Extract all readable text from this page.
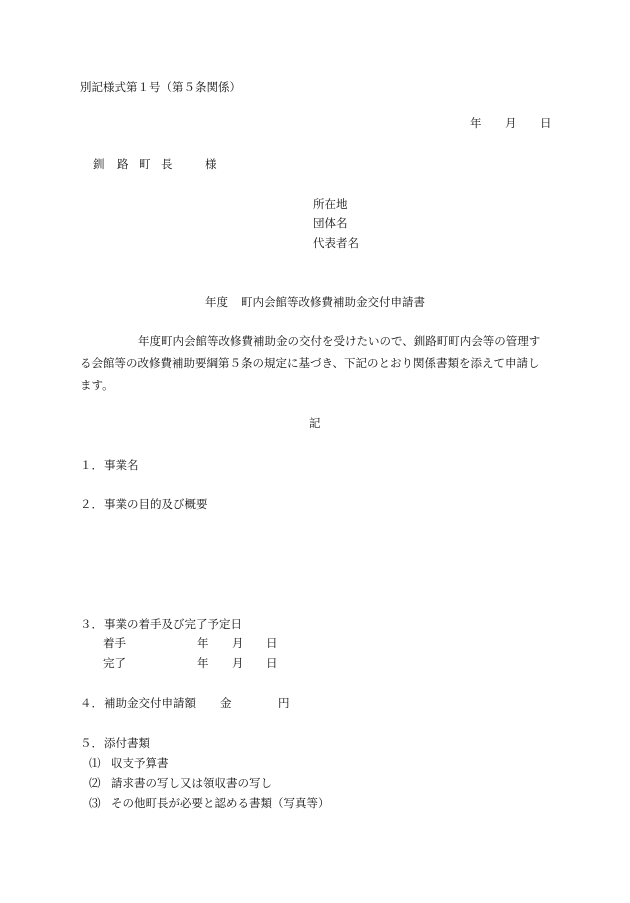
別記様式第１号（第５条関係）
年 月 日
釧 路 町 長	様
所在地
団体名
代表者名
年度 町内会館等改修費補助金交付申請書
年度町内会館等改修費補助金の交付を受けたいので、釧路町町内会等の管理す
る会館等の改修費補助要綱第５条の規定に基づき、下記のとおり関係書類を添えて申請し
ます。
記
１．事業名
２．事業の目的及び概要
３．事業の着手及び完了予定日
着手	年 月 日
完了	年 月 日
４．補助金交付申請額 金	円
５．添付書類
⑴ 収支予算書
⑵ 請求書の写し又は領収書の写し
⑶ その他町長が必要と認める書類（写真等）
